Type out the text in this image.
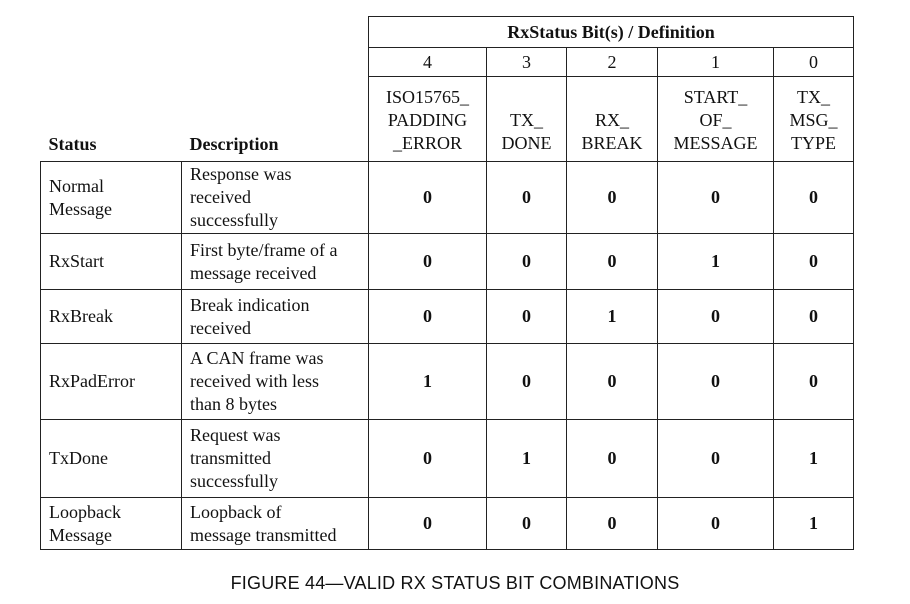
		RxStatus Bit(s) / Definition				
		4	3	2	1	0
Status	Description	ISO15765_
PADDING
_ERROR	TX_
DONE	RX_
BREAK	START_
OF_
MESSAGE	TX_
MSG_
TYPE
Normal
Message	Response was
received
successfully	0	0	0	0	0
RxStart	First byte/frame of a
message received	0	0	0	1	0
RxBreak	Break indication
received	0	0	1	0	0
RxPadError	A CAN frame was
received with less
than 8 bytes	1	0	0	0	0
TxDone	Request was
transmitted
successfully	0	1	0	0	1
Loopback
Message	Loopback of
message transmitted	0	0	0	0	1
FIGURE 44—VALID RX STATUS BIT COMBINATIONS
